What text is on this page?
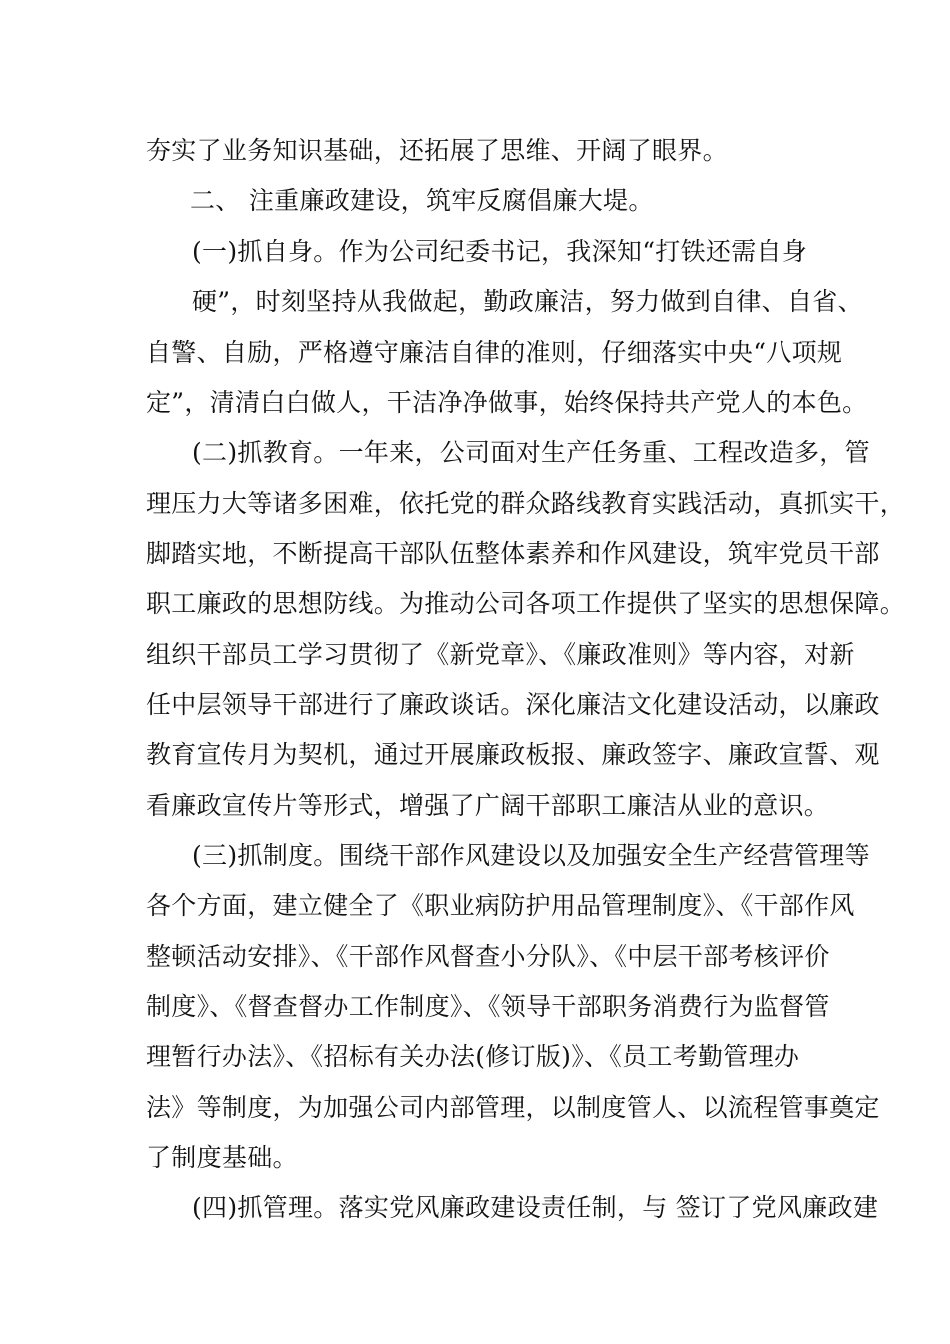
夯实了业务知识基础，还拓展了思维、开阔了眼界。
二、 注重廉政建设，筑牢反腐倡廉大堤。
(一)抓自身。作为公司纪委书记，我深知“打铁还需自身
硬”，时刻坚持从我做起，勤政廉洁，努力做到自律、自省、
自警、自励，严格遵守廉洁自律的准则，仔细落实中央“八项规
定”，清清白白做人，干洁净净做事，始终保持共产党人的本色。
(二)抓教育。一年来，公司面对生产任务重、工程改造多，管
理压力大等诸多困难，依托党的群众路线教育实践活动，真抓实干，
脚踏实地，不断提高干部队伍整体素养和作风建设，筑牢党员干部
职工廉政的思想防线。为推动公司各项工作提供了坚实的思想保障。
组织干部员工学习贯彻了《新党章》、《廉政准则》等内容，对新
任中层领导干部进行了廉政谈话。深化廉洁文化建设活动，以廉政
教育宣传月为契机，通过开展廉政板报、廉政签字、廉政宣誓、观
看廉政宣传片等形式，增强了广阔干部职工廉洁从业的意识。
(三)抓制度。围绕干部作风建设以及加强安全生产经营管理等
各个方面，建立健全了《职业病防护用品管理制度》、《干部作风
整顿活动安排》、《干部作风督查小分队》、《中层干部考核评价
制度》、《督查督办工作制度》、《领导干部职务消费行为监督管
理暂行办法》、《招标有关办法(修订版)》、《员工考勤管理办
法》等制度，为加强公司内部管理，以制度管人、以流程管事奠定
了制度基础。
(四)抓管理。落实党风廉政建设责任制，与 签订了党风廉政建
